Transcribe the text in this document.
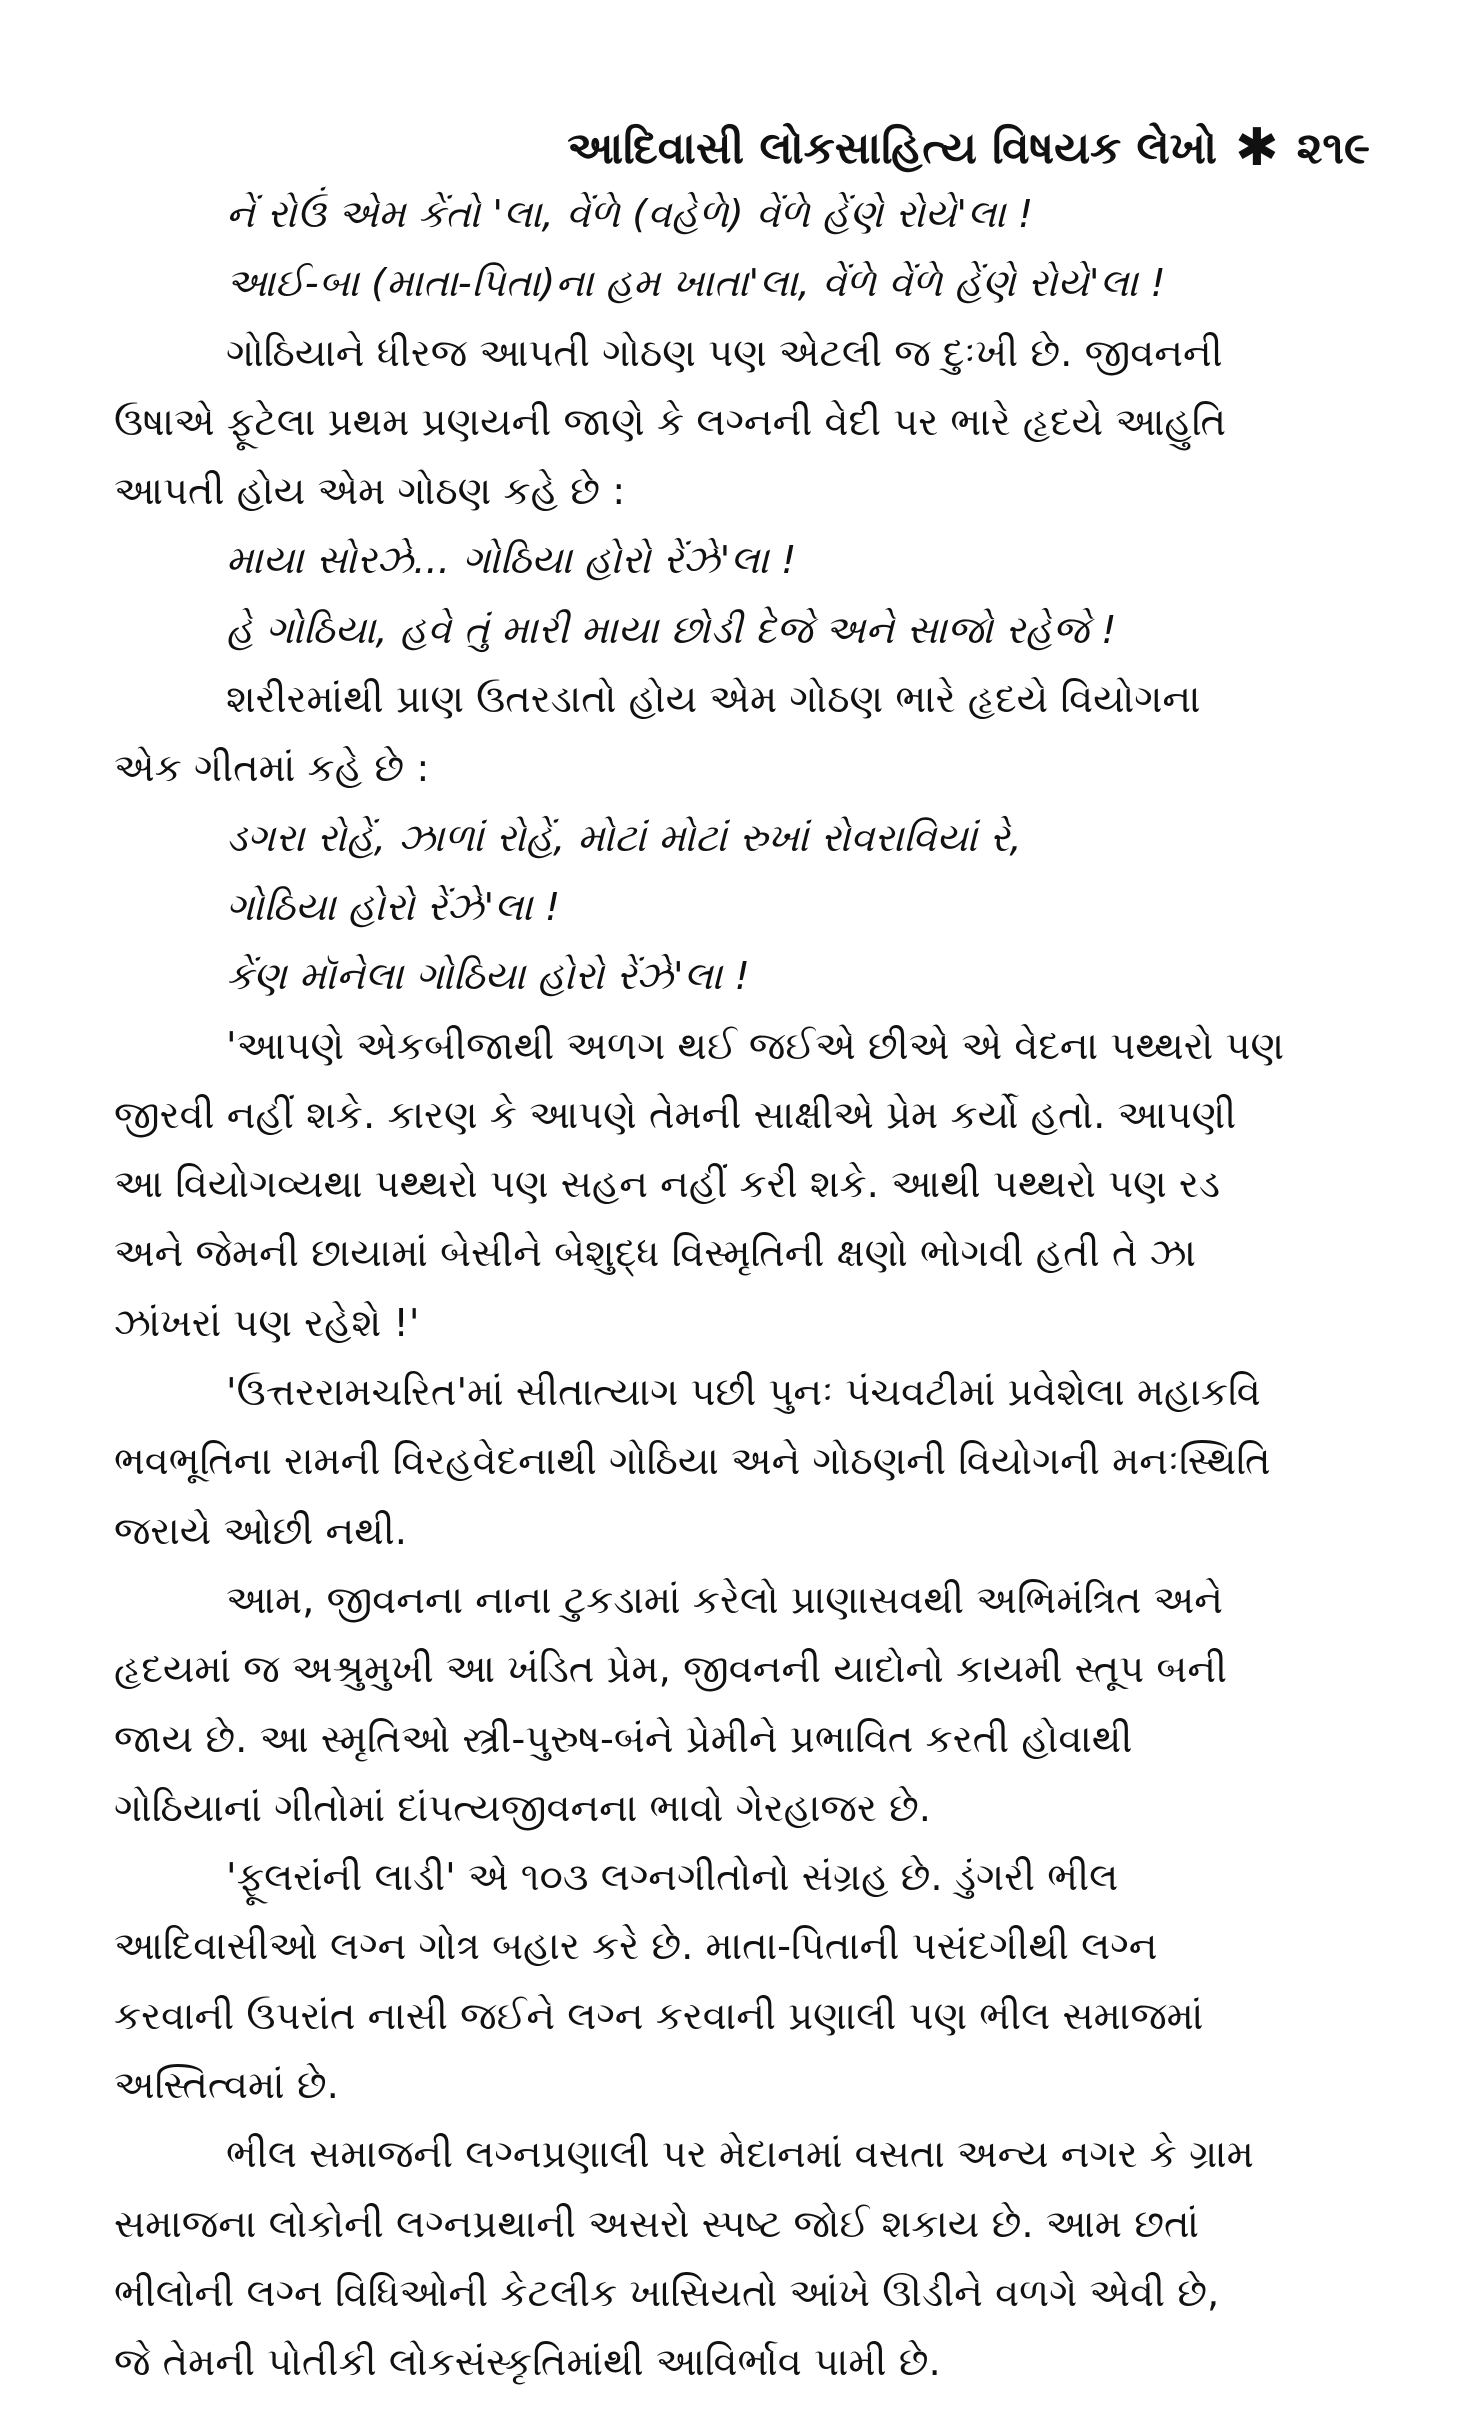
આદિવાસી લોકસાહિત્ય વિષયક લેખો ✱ ૨૧૯
નેં રોઉં એમ કેંતો 'લા, વેંળે (વહેળે) વેંળે હેંણે રોયે'લા !
આઈ-બા (માતા-પિતા)ના હમ ખાતા'લા, વેંળે વેંળે હેંણે રોયે'લા !
ગોઠિયાને ધીરજ આપતી ગોઠણ પણ એટલી જ દુઃખી છે. જીવનની
ઉષાએ ફૂટેલા પ્રથમ પ્રણયની જાણે કે લગ્નની વેદી પર ભારે હૃદયે આહુતિ
આપતી હોય એમ ગોઠણ કહે છે :
માયા સોરઝે... ગોઠિયા હોરો રેંઝે'લા !
હે ગોઠિયા, હવે તું મારી માયા છોડી દેજે અને સાજો રહેજે !
શરીરમાંથી પ્રાણ ઉતરડાતો હોય એમ ગોઠણ ભારે હૃદયે વિયોગના
એક ગીતમાં કહે છે :
ડગરા રોહેં, ઝાળાં રોહેં, મોટાં મોટાં રુખાં રોવરાવિયાં રે,
ગોઠિયા હોરો રેંઝે'લા !
કેંણ મૉનેલા ગોઠિયા હોરો રેંઝે'લા !
'આપણે એકબીજાથી અળગ થઈ જઈએ છીએ એ વેદના પથ્થરો પણ
જીરવી નહીં શકે. કારણ કે આપણે તેમની સાક્ષીએ પ્રેમ કર્યો હતો. આપણી
આ વિયોગવ્યથા પથ્થરો પણ સહન નહીં કરી શકે. આથી પથ્થરો પણ રડ
અને જેમની છાયામાં બેસીને બેશુદ્ધ વિસ્મૃતિની ક્ષણો ભોગવી હતી તે ઝા
ઝાંખરાં પણ રહેશે !'
'ઉત્તરરામચરિત'માં સીતાત્યાગ પછી પુનઃ પંચવટીમાં પ્રવેશેલા મહાકવિ
ભવભૂતિના રામની વિરહવેદનાથી ગોઠિયા અને ગોઠણની વિયોગની મનઃસ્થિતિ
જરાયે ઓછી નથી.
આમ, જીવનના નાના ટુકડામાં કરેલો પ્રાણાસવથી અભિમંત્રિત અને
હૃદયમાં જ અશ્રુમુખી આ ખંડિત પ્રેમ, જીવનની યાદોનો કાયમી સ્તૂપ બની
જાય છે. આ સ્મૃતિઓ સ્ત્રી-પુરુષ-બંને પ્રેમીને પ્રભાવિત કરતી હોવાથી
ગોઠિયાનાં ગીતોમાં દાંપત્યજીવનના ભાવો ગેરહાજર છે.
'ફૂલરાંની લાડી' એ ૧૦૩ લગ્નગીતોનો સંગ્રહ છે. ડુંગરી ભીલ
આદિવાસીઓ લગ્ન ગોત્ર બહાર કરે છે. માતા-પિતાની પસંદગીથી લગ્ન
કરવાની ઉપરાંત નાસી જઈને લગ્ન કરવાની પ્રણાલી પણ ભીલ સમાજમાં
અસ્તિત્વમાં છે.
ભીલ સમાજની લગ્નપ્રણાલી પર મેદાનમાં વસતા અન્ય નગર કે ગ્રામ
સમાજના લોકોની લગ્નપ્રથાની અસરો સ્પષ્ટ જોઈ શકાય છે. આમ છતાં
ભીલોની લગ્ન વિધિઓની કેટલીક ખાસિયતો આંખે ઊડીને વળગે એવી છે,
જે તેમની પોતીકી લોકસંસ્કૃતિમાંથી આવિર્ભાવ પામી છે.
